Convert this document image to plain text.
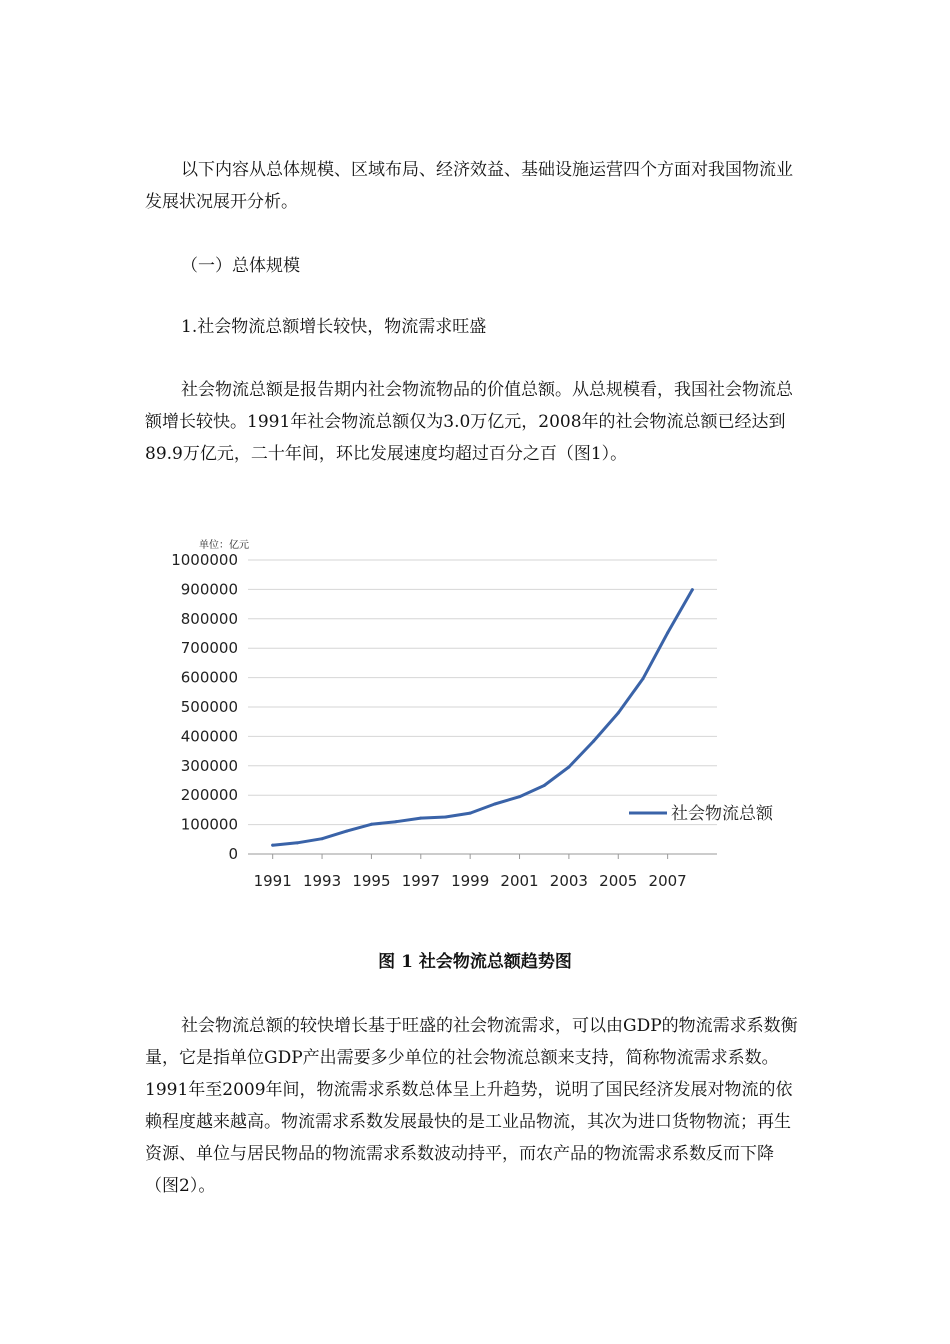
以下内容从总体规模、区域布局、经济效益、基础设施运营四个方面对我国物流业发展状况展开分析。

（一）总体规模

1.社会物流总额增长较快，物流需求旺盛

社会物流总额是报告期内社会物流物品的价值总额。从总规模看，我国社会物流总额增长较快。1991年社会物流总额仅为3.0万亿元，2008年的社会物流总额已经达到89.9万亿元，二十年间，环比发展速度均超过百分之百（图1）。

单位：亿元
0
100000
200000
300000
400000
500000
600000
700000
800000
900000
1000000
1991 1993 1995 1997 1999 2001 2003 2005 2007
社会物流总额

图 1 社会物流总额趋势图

社会物流总额的较快增长基于旺盛的社会物流需求，可以由GDP的物流需求系数衡量，它是指单位GDP产出需要多少单位的社会物流总额来支持，简称物流需求系数。1991年至2009年间，物流需求系数总体呈上升趋势，说明了国民经济发展对物流的依赖程度越来越高。物流需求系数发展最快的是工业品物流，其次为进口货物物流；再生资源、单位与居民物品的物流需求系数波动持平，而农产品的物流需求系数反而下降（图2）。
